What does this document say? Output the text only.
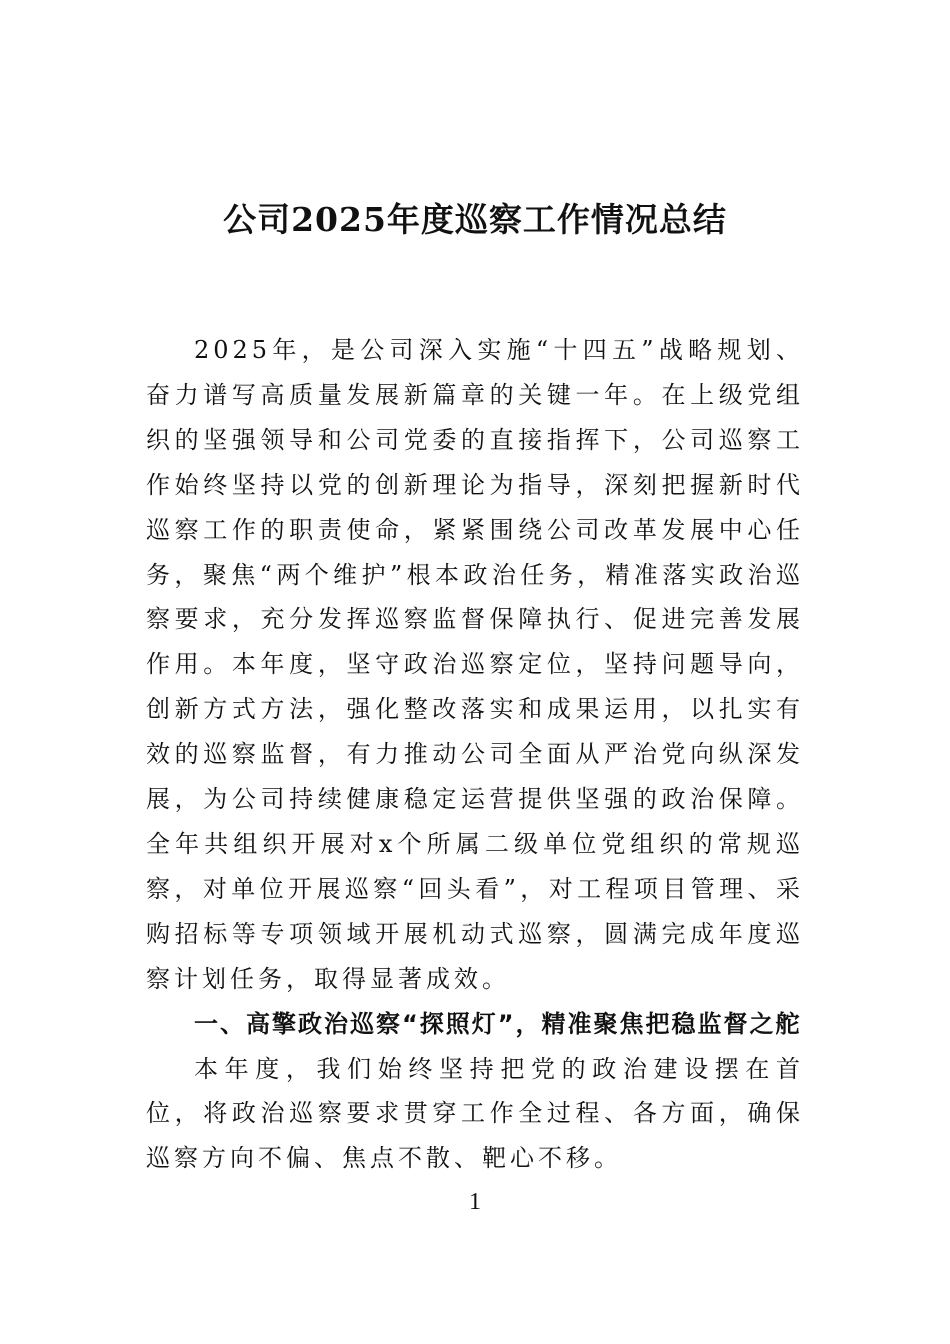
公司2025年度巡察工作情况总结

2025年，是公司深入实施“十四五”战略规划、奋力谱写高质量发展新篇章的关键一年。在上级党组织的坚强领导和公司党委的直接指挥下，公司巡察工作始终坚持以党的创新理论为指导，深刻把握新时代巡察工作的职责使命，紧紧围绕公司改革发展中心任务，聚焦“两个维护”根本政治任务，精准落实政治巡察要求，充分发挥巡察监督保障执行、促进完善发展作用。本年度，坚守政治巡察定位，坚持问题导向，创新方式方法，强化整改落实和成果运用，以扎实有效的巡察监督，有力推动公司全面从严治党向纵深发展，为公司持续健康稳定运营提供坚强的政治保障。全年共组织开展对x个所属二级单位党组织的常规巡察，对单位开展巡察“回头看”，对工程项目管理、采购招标等专项领域开展机动式巡察，圆满完成年度巡察计划任务，取得显著成效。

一、高擎政治巡察“探照灯”，精准聚焦把稳监督之舵

本年度，我们始终坚持把党的政治建设摆在首位，将政治巡察要求贯穿工作全过程、各方面，确保巡察方向不偏、焦点不散、靶心不移。

1
